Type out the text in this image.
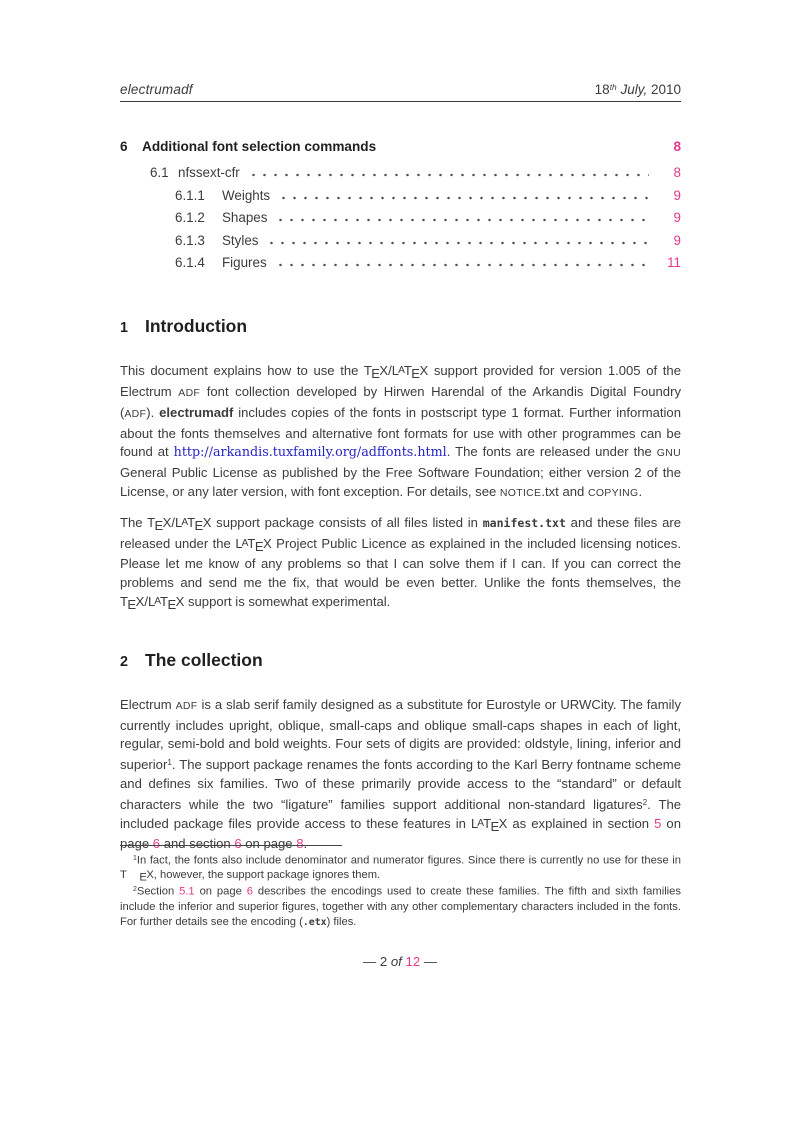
electrumadf	18th July, 2010
6	Additional font selection commands	8
6.1 nfssext-cfr	8
6.1.1	Weights	9
6.1.2	Shapes	9
6.1.3	Styles	9
6.1.4	Figures	11
1 Introduction

This document explains how to use the TEX/LATEX support provided for version 1.005 of the Electrum ADF font collection developed by Hirwen Harendal of the Arkandis Digital Foundry (ADF). electrumadf includes copies of the fonts in postscript type 1 format. Further information about the fonts themselves and alternative font formats for use with other programmes can be found at http://arkandis.tuxfamily.org/adffonts.html. The fonts are released under the GNU General Public License as published by the Free Software Foundation; either version 2 of the License, or any later version, with font exception. For details, see NOTICE.txt and COPYING.

The TEX/LATEX support package consists of all files listed in manifest.txt and these files are released under the LATEX Project Public Licence as explained in the included licensing notices. Please let me know of any problems so that I can solve them if I can. If you can correct the problems and send me the fix, that would be even better. Unlike the fonts themselves, the TEX/LATEX support is somewhat experimental.

2 The collection

Electrum ADF is a slab serif family designed as a substitute for Eurostyle or URWCity. The family currently includes upright, oblique, small-caps and oblique small-caps shapes in each of light, regular, semi-bold and bold weights. Four sets of digits are provided: oldstyle, lining, inferior and superior$^1$. The support package renames the fonts according to the Karl Berry fontname scheme and defines six families. Two of these primarily provide access to the “standard” or default characters while the two “ligature” families support additional non-standard ligatures$^2$. The included package files provide access to these features in LATEX as explained in section 5 on page 6 and section 6 on page 8.

$^1$In fact, the fonts also include denominator and numerator figures. Since there is currently no use for these in T EX, however, the support package ignores them.

$^2$Section 5.1 on page 6 describes the encodings used to create these families. The fifth and sixth families include the inferior and superior figures, together with any other complementary characters included in the fonts. For further details see the encoding (.etx) files.

— 2 of 12 —
